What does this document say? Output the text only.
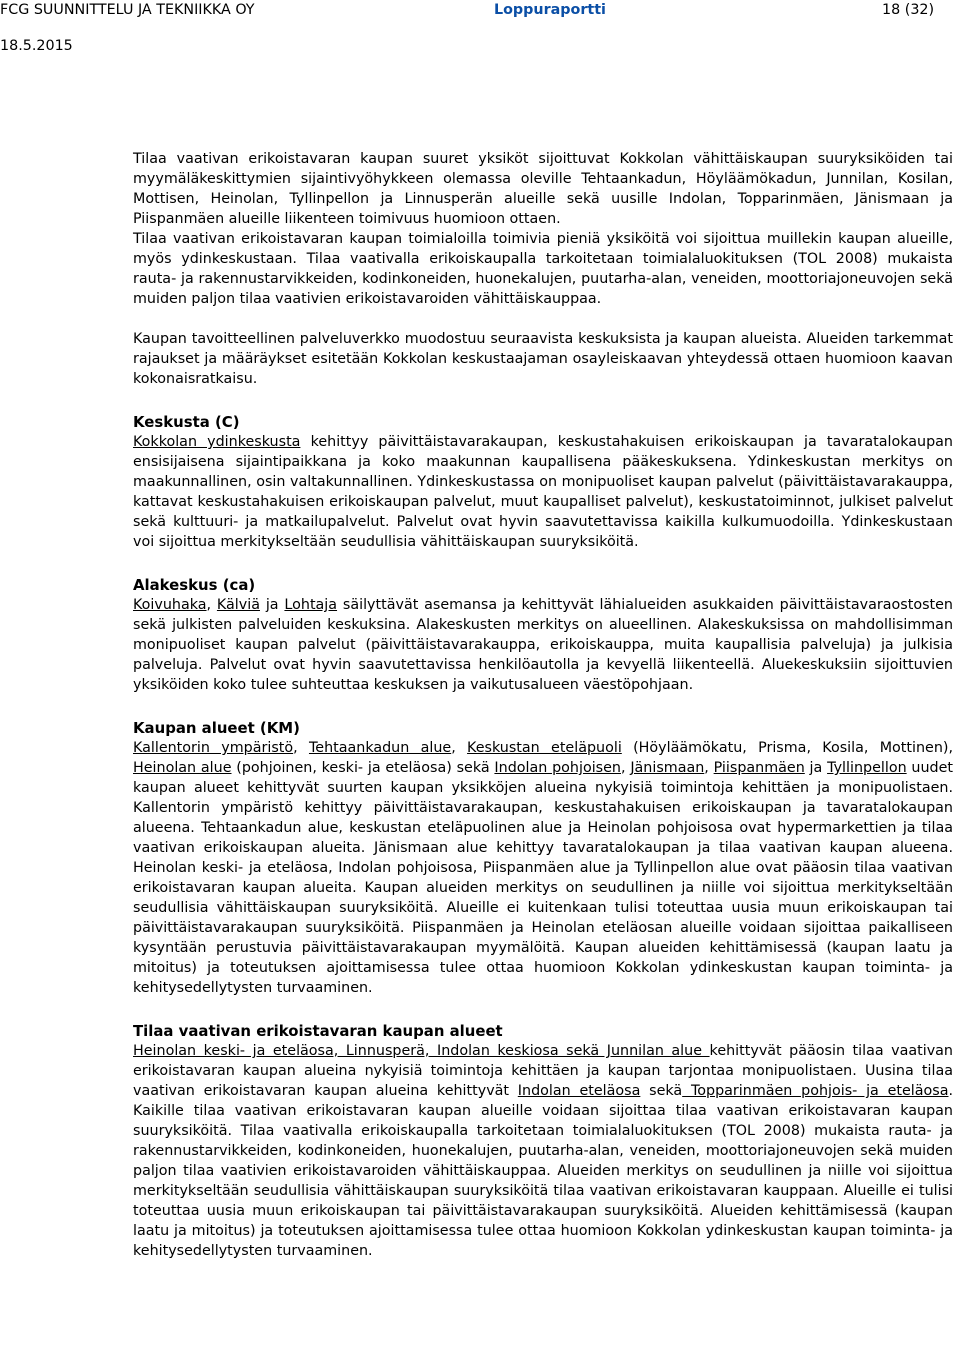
FCG SUUNNITTELU JA TEKNIIKKA OY	Loppuraportti	18 (32)
18.5.2015

Tilaa vaativan erikoistavaran kaupan suuret yksiköt sijoittuvat Kokkolan vähittäiskaupan suuryksiköiden tai myymäläkeskittymien sijaintivyöhykkeen olemassa oleville Tehtaankadun, Höyläämökadun, Junnilan, Kosilan, Mottisen, Heinolan, Tyllinpellon ja Linnusperän alueille sekä uusille Indolan, Topparinmäen, Jänismaan ja Piispanmäen alueille liikenteen toimivuus huomioon ottaen.

Tilaa vaativan erikoistavaran kaupan toimialoilla toimivia pieniä yksiköitä voi sijoittua muillekin kaupan alueille, myös ydinkeskustaan. Tilaa vaativalla erikoiskaupalla tarkoitetaan toimialaluokituksen (TOL 2008) mukaista rauta- ja rakennustarvikkeiden, kodinkoneiden, huonekalujen, puutarha-alan, veneiden, moottoriajoneuvojen sekä muiden paljon tilaa vaativien erikoistavaroiden vähittäiskauppaa.

Kaupan tavoitteellinen palveluverkko muodostuu seuraavista keskuksista ja kaupan alueista. Alueiden tarkemmat rajaukset ja määräykset esitetään Kokkolan keskustaajaman osayleiskaavan yhteydessä ottaen huomioon kaavan kokonaisratkaisu.

Keskusta (C)

Kokkolan ydinkeskusta kehittyy päivittäistavarakaupan, keskustahakuisen erikoiskaupan ja tavaratalokaupan ensisijaisena sijaintipaikkana ja koko maakunnan kaupallisena pääkeskuksena. Ydinkeskustan merkitys on maakunnallinen, osin valtakunnallinen. Ydinkeskustassa on monipuoliset kaupan palvelut (päivittäistavarakauppa, kattavat keskustahakuisen erikoiskaupan palvelut, muut kaupalliset palvelut), keskustatoiminnot, julkiset palvelut sekä kulttuuri- ja matkailupalvelut. Palvelut ovat hyvin saavutettavissa kaikilla kulkumuodoilla. Ydinkeskustaan voi sijoittua merkitykseltään seudullisia vähittäiskaupan suuryksiköitä.

Alakeskus (ca)

Koivuhaka, Kälviä ja Lohtaja säilyttävät asemansa ja kehittyvät lähialueiden asukkaiden päivittäistavaraostosten sekä julkisten palveluiden keskuksina. Alakeskusten merkitys on alueellinen. Alakeskuksissa on mahdollisimman monipuoliset kaupan palvelut (päivittäistavarakauppa, erikoiskauppa, muita kaupallisia palveluja) ja julkisia palveluja. Palvelut ovat hyvin saavutettavissa henkilöautolla ja kevyellä liikenteellä. Aluekeskuksiin sijoittuvien yksiköiden koko tulee suhteuttaa keskuksen ja vaikutusalueen väestöpohjaan.

Kaupan alueet (KM)

Kallentorin ympäristö, Tehtaankadun alue, Keskustan eteläpuoli (Höyläämökatu, Prisma, Kosila, Mottinen), Heinolan alue (pohjoinen, keski- ja eteläosa) sekä Indolan pohjoisen, Jänismaan, Piispanmäen ja Tyllinpellon uudet kaupan alueet kehittyvät suurten kaupan yksikköjen alueina nykyisiä toimintoja kehittäen ja monipuolistaen. Kallentorin ympäristö kehittyy päivittäistavarakaupan, keskustahakuisen erikoiskaupan ja tavaratalokaupan alueena. Tehtaankadun alue, keskustan eteläpuolinen alue ja Heinolan pohjoisosa ovat hypermarkettien ja tilaa vaativan erikoiskaupan alueita. Jänismaan alue kehittyy tavaratalokaupan ja tilaa vaativan kaupan alueena. Heinolan keski- ja eteläosa, Indolan pohjoisosa, Piispanmäen alue ja Tyllinpellon alue ovat pääosin tilaa vaativan erikoistavaran kaupan alueita. Kaupan alueiden merkitys on seudullinen ja niille voi sijoittua merkitykseltään seudullisia vähittäiskaupan suuryksiköitä. Alueille ei kuitenkaan tulisi toteuttaa uusia muun erikoiskaupan tai päivittäistavarakaupan suuryksiköitä. Piispanmäen ja Heinolan eteläosan alueille voidaan sijoittaa paikalliseen kysyntään perustuvia päivittäistavarakaupan myymälöitä. Kaupan alueiden kehittämisessä (kaupan laatu ja mitoitus) ja toteutuksen ajoittamisessa tulee ottaa huomioon Kokkolan ydinkeskustan kaupan toiminta- ja kehitysedellytysten turvaaminen.

Tilaa vaativan erikoistavaran kaupan alueet

Heinolan keski- ja eteläosa, Linnusperä, Indolan keskiosa sekä Junnilan alue kehittyvät pääosin tilaa vaativan erikoistavaran kaupan alueina nykyisiä toimintoja kehittäen ja kaupan tarjontaa monipuolistaen. Uusina tilaa vaativan erikoistavaran kaupan alueina kehittyvät Indolan eteläosa sekä Topparinmäen pohjois- ja eteläosa. Kaikille tilaa vaativan erikoistavaran kaupan alueille voidaan sijoittaa tilaa vaativan erikoistavaran kaupan suuryksiköitä. Tilaa vaativalla erikoiskaupalla tarkoitetaan toimialaluokituksen (TOL 2008) mukaista rauta- ja rakennustarvikkeiden, kodinkoneiden, huonekalujen, puutarha-alan, veneiden, moottoriajoneuvojen sekä muiden paljon tilaa vaativien erikoistavaroiden vähittäiskauppaa. Alueiden merkitys on seudullinen ja niille voi sijoittua merkitykseltään seudullisia vähittäiskaupan suuryksiköitä tilaa vaativan erikoistavaran kauppaan. Alueille ei tulisi toteuttaa uusia muun erikoiskaupan tai päivittäistavarakaupan suuryksiköitä. Alueiden kehittämisessä (kaupan laatu ja mitoitus) ja toteutuksen ajoittamisessa tulee ottaa huomioon Kokkolan ydinkeskustan kaupan toiminta- ja kehitysedellytysten turvaaminen.
